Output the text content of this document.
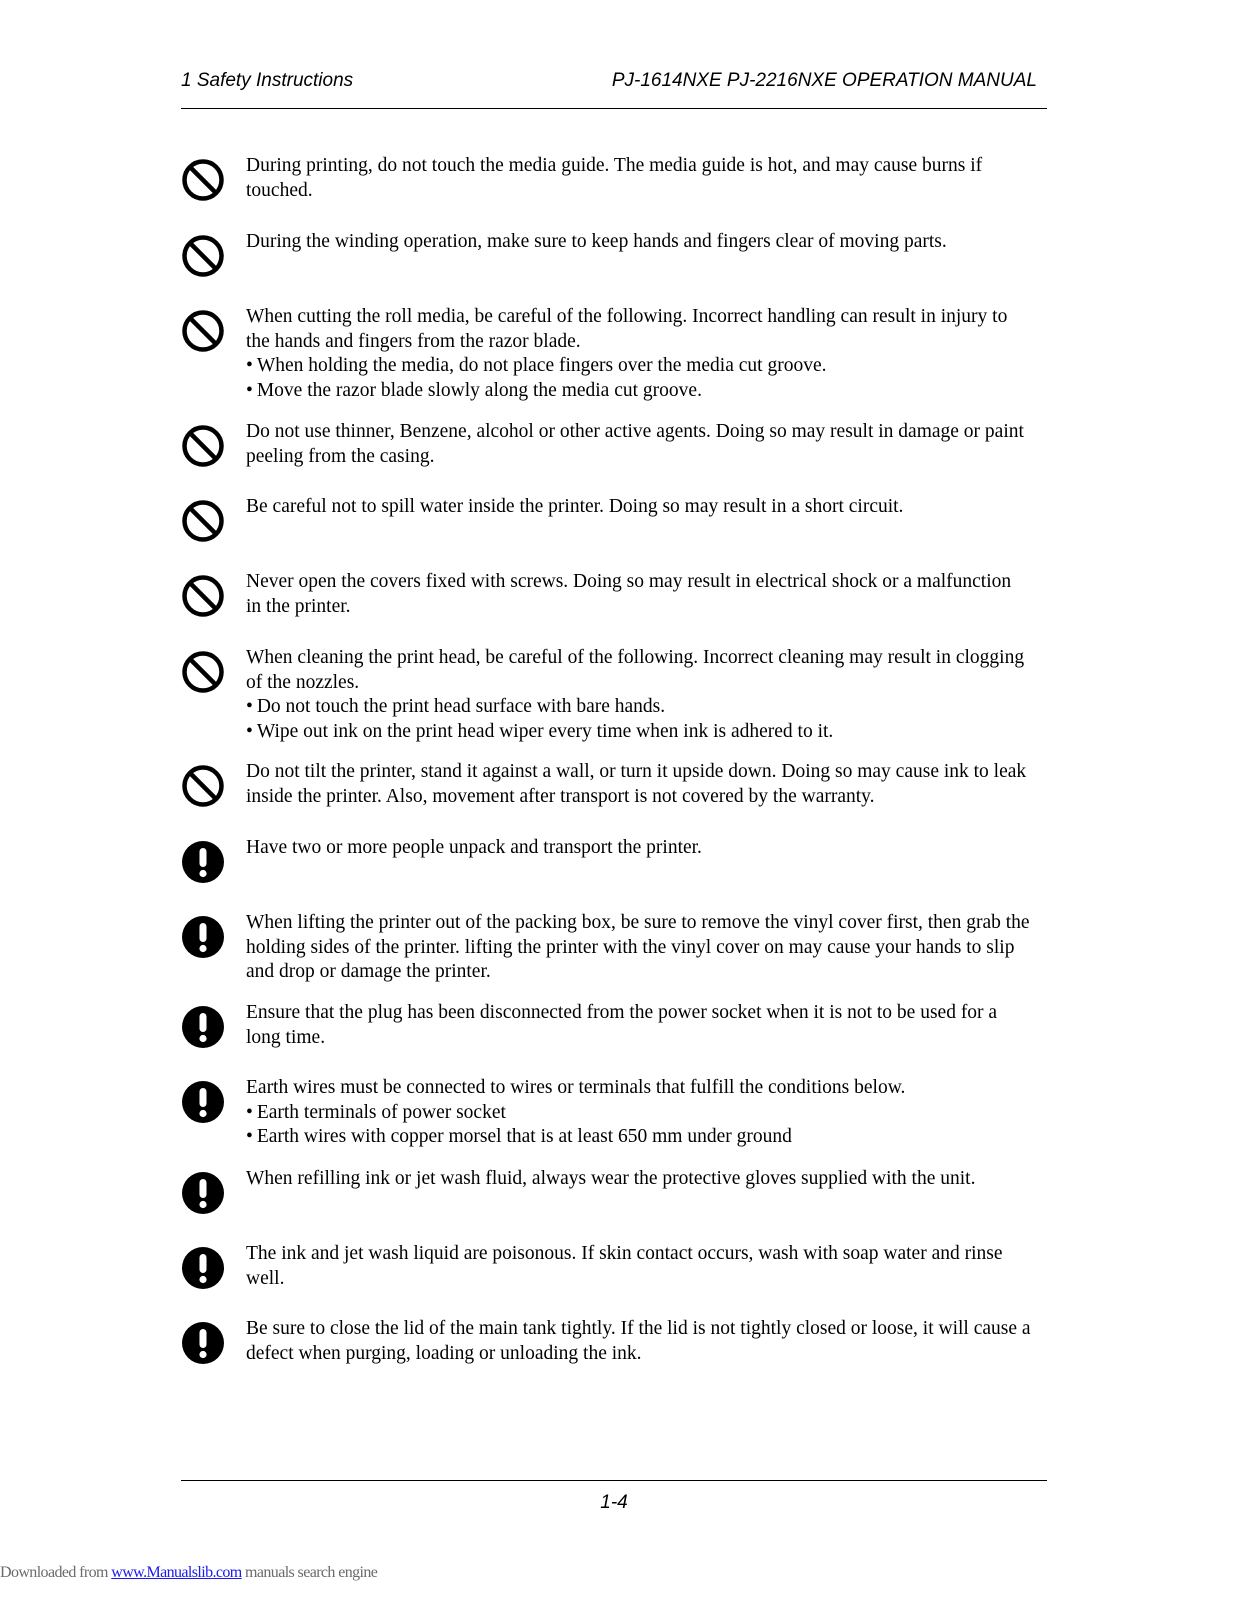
1 Safety Instructions	PJ-1614NXE PJ-2216NXE OPERATION MANUAL

During printing, do not touch the media guide. The media guide is hot, and may cause burns if touched.

During the winding operation, make sure to keep hands and fingers clear of moving parts.

When cutting the roll media, be careful of the following. Incorrect handling can result in injury to the hands and fingers from the razor blade.

• When holding the media, do not place fingers over the media cut groove.

• Move the razor blade slowly along the media cut groove.

Do not use thinner, Benzene, alcohol or other active agents. Doing so may result in damage or paint peeling from the casing.

Be careful not to spill water inside the printer. Doing so may result in a short circuit.

Never open the covers fixed with screws. Doing so may result in electrical shock or a malfunction in the printer.

When cleaning the print head, be careful of the following. Incorrect cleaning may result in clogging of the nozzles.

• Do not touch the print head surface with bare hands.

• Wipe out ink on the print head wiper every time when ink is adhered to it.

Do not tilt the printer, stand it against a wall, or turn it upside down. Doing so may cause ink to leak inside the printer. Also, movement after transport is not covered by the warranty.

Have two or more people unpack and transport the printer.

When lifting the printer out of the packing box, be sure to remove the vinyl cover first, then grab the holding sides of the printer. lifting the printer with the vinyl cover on may cause your hands to slip and drop or damage the printer.

Ensure that the plug has been disconnected from the power socket when it is not to be used for a long time.

Earth wires must be connected to wires or terminals that fulfill the conditions below.

• Earth terminals of power socket

• Earth wires with copper morsel that is at least 650 mm under ground

When refilling ink or jet wash fluid, always wear the protective gloves supplied with the unit.

The ink and jet wash liquid are poisonous. If skin contact occurs, wash with soap water and rinse well.

Be sure to close the lid of the main tank tightly. If the lid is not tightly closed or loose, it will cause a defect when purging, loading or unloading the ink.

1-4
Downloaded from www.Manualslib.com manuals search engine
